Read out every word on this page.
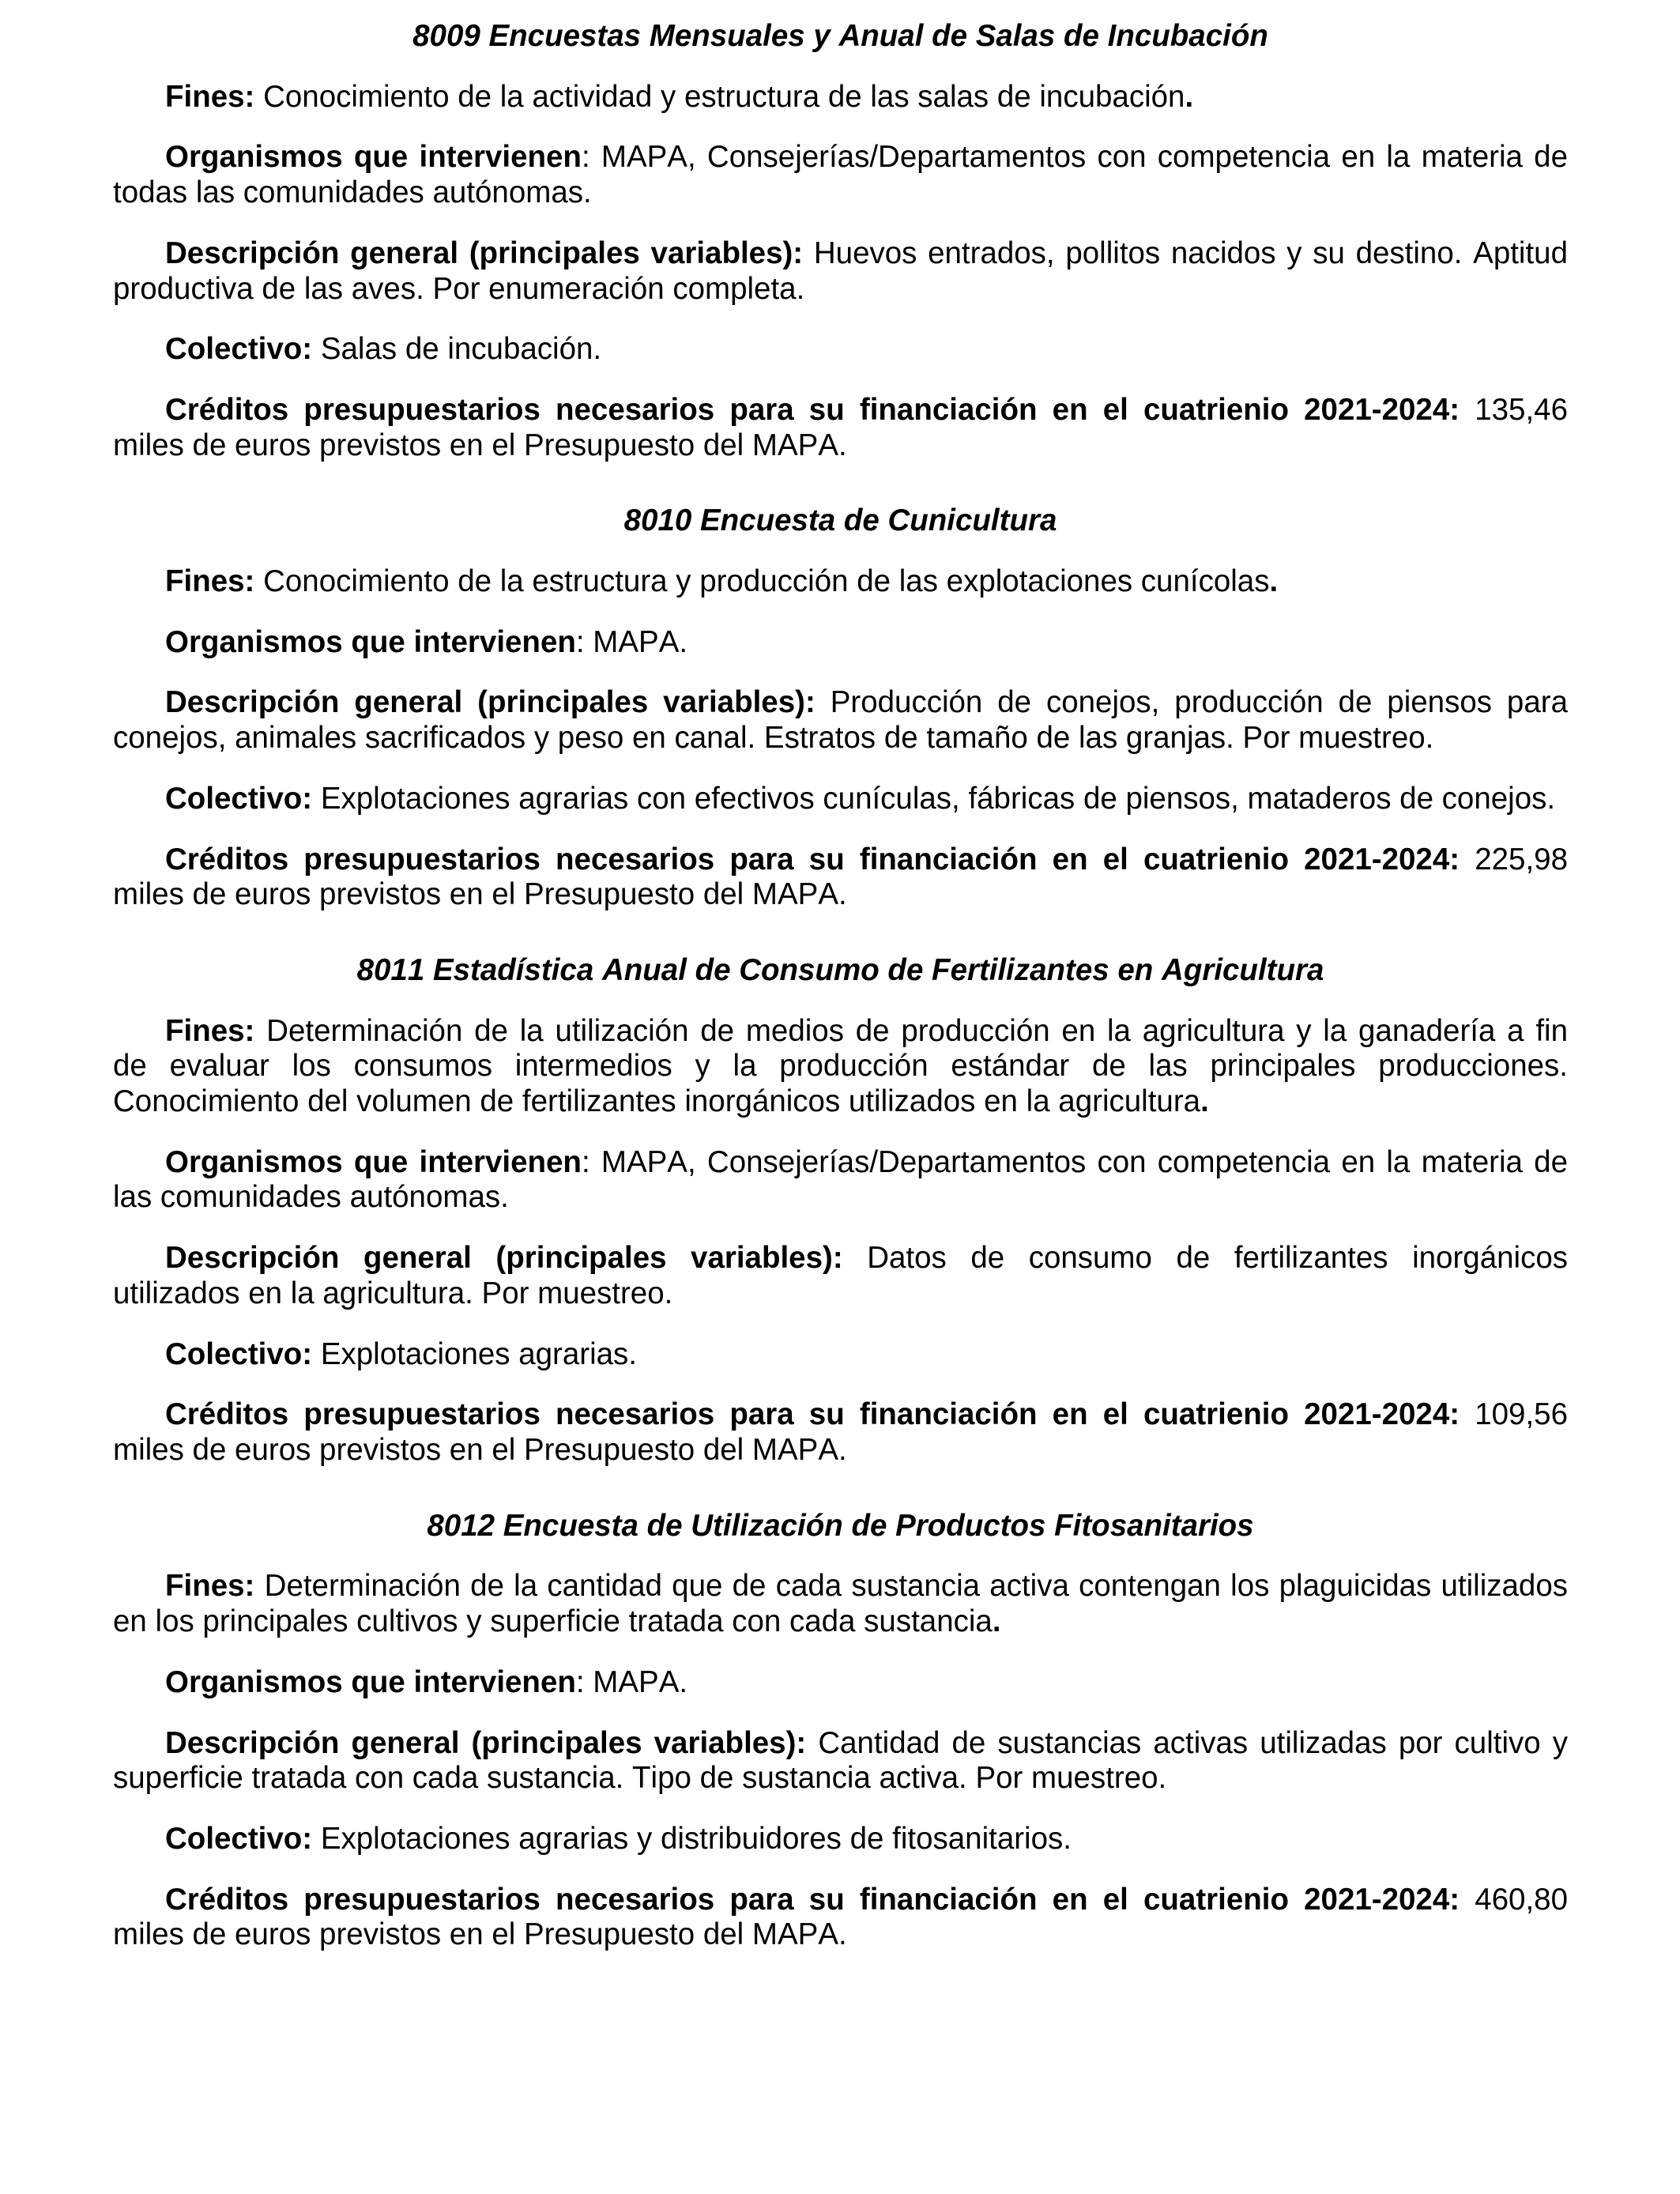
8009 Encuestas Mensuales y Anual de Salas de Incubación
Fines: Conocimiento de la actividad y estructura de las salas de incubación.
Organismos que intervienen: MAPA, Consejerías/Departamentos con competencia en la materia de
todas las comunidades autónomas.
Descripción general (principales variables): Huevos entrados, pollitos nacidos y su destino. Aptitud
productiva de las aves. Por enumeración completa.
Colectivo: Salas de incubación.
Créditos presupuestarios necesarios para su financiación en el cuatrienio 2021-2024: 135,46
miles de euros previstos en el Presupuesto del MAPA.
8010 Encuesta de Cunicultura
Fines: Conocimiento de la estructura y producción de las explotaciones cunícolas.
Organismos que intervienen: MAPA.
Descripción general (principales variables): Producción de conejos, producción de piensos para
conejos, animales sacrificados y peso en canal. Estratos de tamaño de las granjas. Por muestreo.
Colectivo: Explotaciones agrarias con efectivos cunículas, fábricas de piensos, mataderos de conejos.
Créditos presupuestarios necesarios para su financiación en el cuatrienio 2021-2024: 225,98
miles de euros previstos en el Presupuesto del MAPA.
8011 Estadística Anual de Consumo de Fertilizantes en Agricultura
Fines: Determinación de la utilización de medios de producción en la agricultura y la ganadería a fin
de evaluar los consumos intermedios y la producción estándar de las principales producciones.
Conocimiento del volumen de fertilizantes inorgánicos utilizados en la agricultura.
Organismos que intervienen: MAPA, Consejerías/Departamentos con competencia en la materia de
las comunidades autónomas.
Descripción general (principales variables): Datos de consumo de fertilizantes inorgánicos
utilizados en la agricultura. Por muestreo.
Colectivo: Explotaciones agrarias.
Créditos presupuestarios necesarios para su financiación en el cuatrienio 2021-2024: 109,56
miles de euros previstos en el Presupuesto del MAPA.
8012 Encuesta de Utilización de Productos Fitosanitarios
Fines: Determinación de la cantidad que de cada sustancia activa contengan los plaguicidas utilizados
en los principales cultivos y superficie tratada con cada sustancia.
Organismos que intervienen: MAPA.
Descripción general (principales variables): Cantidad de sustancias activas utilizadas por cultivo y
superficie tratada con cada sustancia. Tipo de sustancia activa. Por muestreo.
Colectivo: Explotaciones agrarias y distribuidores de fitosanitarios.
Créditos presupuestarios necesarios para su financiación en el cuatrienio 2021-2024: 460,80
miles de euros previstos en el Presupuesto del MAPA.
